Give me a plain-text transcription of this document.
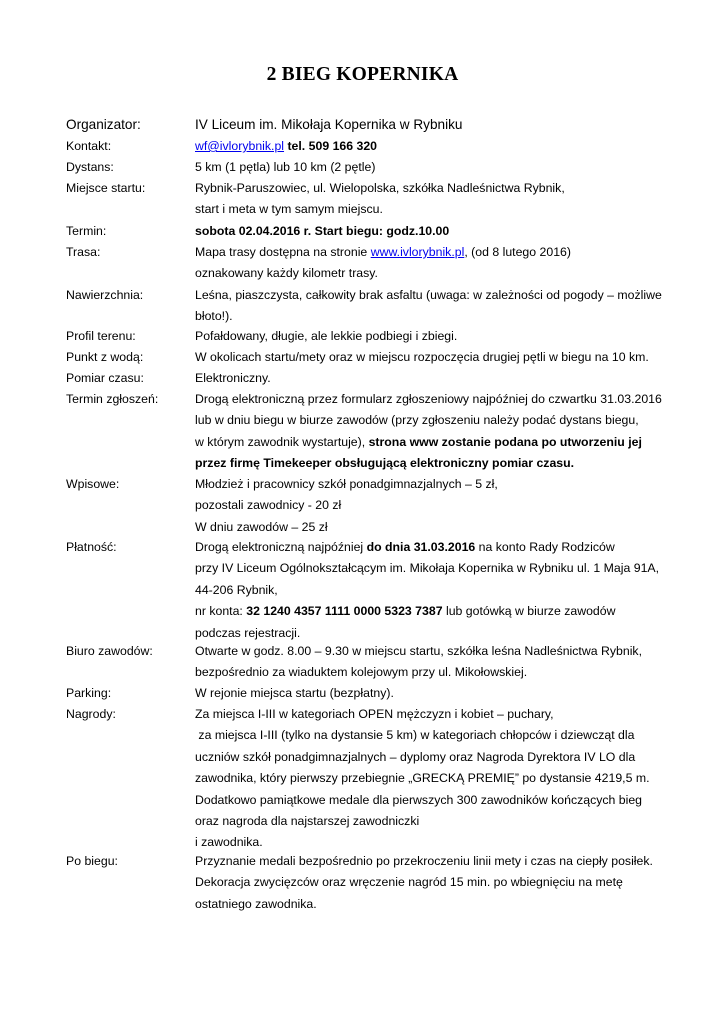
2 BIEG KOPERNIKA
Organizator:	IV Liceum im. Mikołaja Kopernika w Rybniku
Kontakt:	wf@ivlorybnik.pl tel. 509 166 320
Dystans:	5 km (1 pętla) lub 10 km (2 pętle)
Miejsce startu:	Rybnik-Paruszowiec, ul. Wielopolska, szkółka Nadleśnictwa Rybnik,
start i meta w tym samym miejscu.
Termin:	sobota 02.04.2016 r. Start biegu: godz.10.00
Trasa:	Mapa trasy dostępna na stronie www.ivlorybnik.pl, (od 8 lutego 2016)
oznakowany każdy kilometr trasy.
Nawierzchnia:	Leśna, piaszczysta, całkowity brak asfaltu (uwaga: w zależności od pogody – możliwe
błoto!).
Profil terenu:	Pofałdowany, długie, ale lekkie podbiegi i zbiegi.
Punkt z wodą:	W okolicach startu/mety oraz w miejscu rozpoczęcia drugiej pętli w biegu na 10 km.
Pomiar czasu:	Elektroniczny.
Termin zgłoszeń:	Drogą elektroniczną przez formularz zgłoszeniowy najpóźniej do czwartku 31.03.2016
lub w dniu biegu w biurze zawodów (przy zgłoszeniu należy podać dystans biegu,
w którym zawodnik wystartuje), strona www zostanie podana po utworzeniu jej
przez firmę Timekeeper obsługującą elektroniczny pomiar czasu.
Wpisowe:	Młodzież i pracownicy szkół ponadgimnazjalnych – 5 zł,
pozostali zawodnicy - 20 zł
W dniu zawodów – 25 zł
Płatność:	Drogą elektroniczną najpóźniej do dnia 31.03.2016 na konto Rady Rodziców
przy IV Liceum Ogólnokształcącym im. Mikołaja Kopernika w Rybniku ul. 1 Maja 91A,
44-206 Rybnik,
nr konta: 32 1240 4357 1111 0000 5323 7387 lub gotówką w biurze zawodów
podczas rejestracji.
Biuro zawodów:	Otwarte w godz. 8.00 – 9.30 w miejscu startu, szkółka leśna Nadleśnictwa Rybnik,
bezpośrednio za wiaduktem kolejowym przy ul. Mikołowskiej.
Parking:	W rejonie miejsca startu (bezpłatny).
Nagrody:	Za miejsca I-III w kategoriach OPEN mężczyzn i kobiet – puchary,
za miejsca I-III (tylko na dystansie 5 km) w kategoriach chłopców i dziewcząt dla
uczniów szkół ponadgimnazjalnych – dyplomy oraz Nagroda Dyrektora IV LO dla
zawodnika, który pierwszy przebiegnie „GRECKĄ PREMIĘ” po dystansie 4219,5 m.
Dodatkowo pamiątkowe medale dla pierwszych 300 zawodników kończących bieg
oraz nagroda dla najstarszej zawodniczki
i zawodnika.
Po biegu:	Przyznanie medali bezpośrednio po przekroczeniu linii mety i czas na ciepły posiłek.
Dekoracja zwycięzców oraz wręczenie nagród 15 min. po wbiegnięciu na metę
ostatniego zawodnika.
